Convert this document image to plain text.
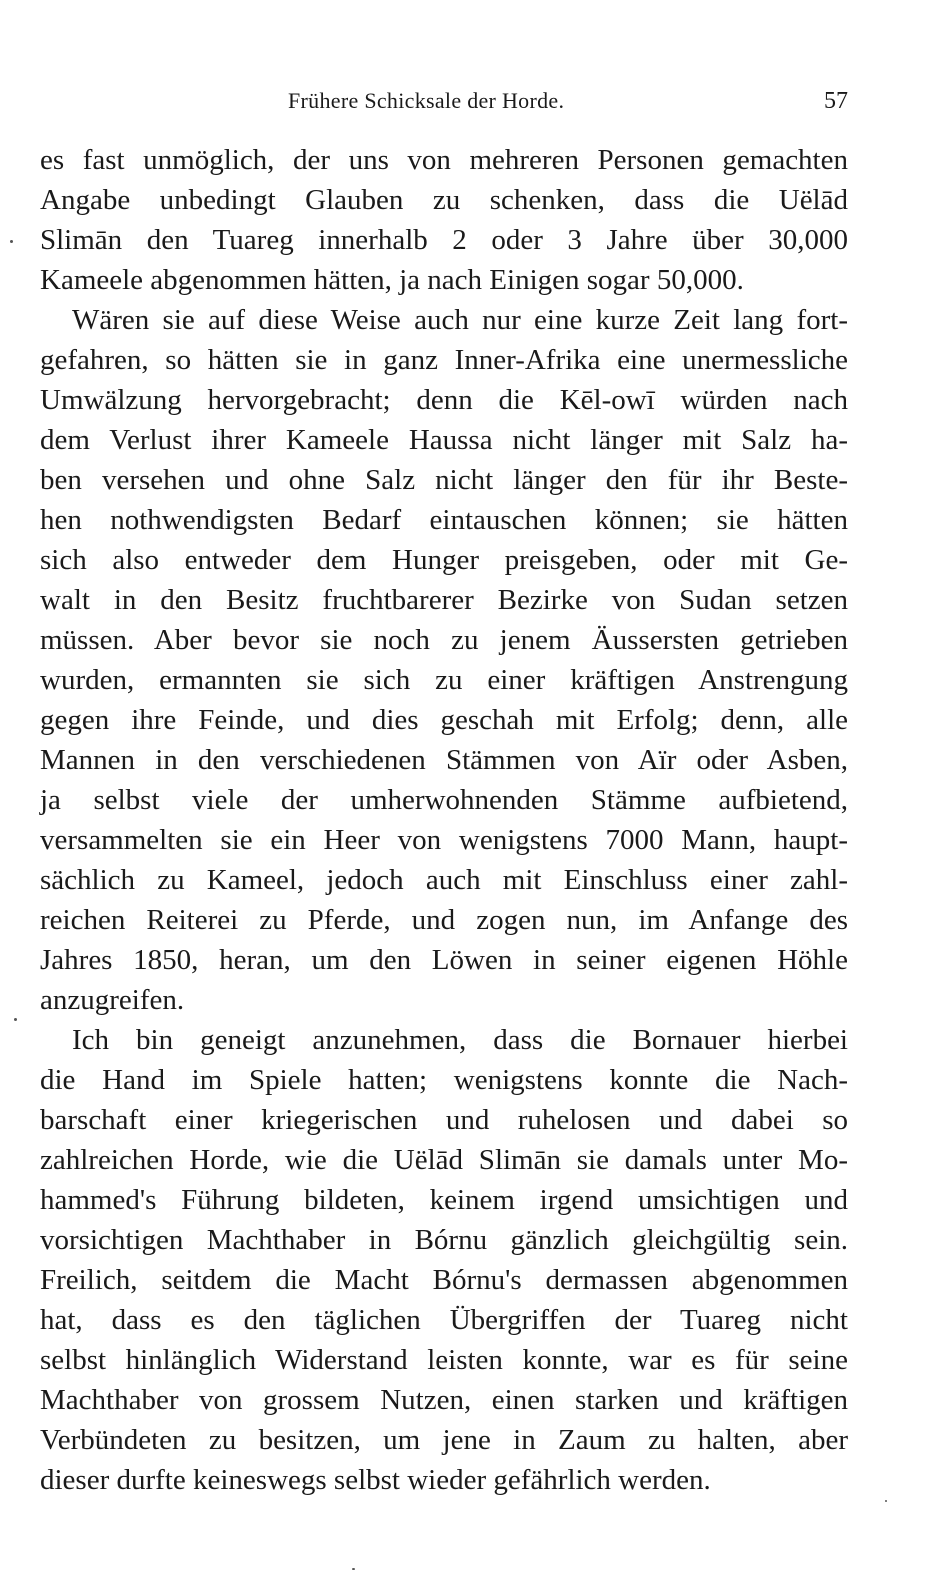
Frühere Schicksale der Horde.	57
es fast unmöglich, der uns von mehreren Personen gemachten
Angabe unbedingt Glauben zu schenken, dass die Uëlād
Slimān den Tuareg innerhalb 2 oder 3 Jahre über 30,000
Kameele abgenommen hätten, ja nach Einigen sogar 50,000.
Wären sie auf diese Weise auch nur eine kurze Zeit lang fort-
gefahren, so hätten sie in ganz Inner-Afrika eine unermessliche
Umwälzung hervorgebracht; denn die Kēl-owī würden nach
dem Verlust ihrer Kameele Haussa nicht länger mit Salz ha-
ben versehen und ohne Salz nicht länger den für ihr Beste-
hen nothwendigsten Bedarf eintauschen können; sie hätten
sich also entweder dem Hunger preisgeben, oder mit Ge-
walt in den Besitz fruchtbarerer Bezirke von Sudan setzen
müssen. Aber bevor sie noch zu jenem Äussersten getrieben
wurden, ermannten sie sich zu einer kräftigen Anstrengung
gegen ihre Feinde, und dies geschah mit Erfolg; denn, alle
Mannen in den verschiedenen Stämmen von Aïr oder Asben,
ja selbst viele der umherwohnenden Stämme aufbietend,
versammelten sie ein Heer von wenigstens 7000 Mann, haupt-
sächlich zu Kameel, jedoch auch mit Einschluss einer zahl-
reichen Reiterei zu Pferde, und zogen nun, im Anfange des
Jahres 1850, heran, um den Löwen in seiner eigenen Höhle
anzugreifen.
Ich bin geneigt anzunehmen, dass die Bornauer hierbei
die Hand im Spiele hatten; wenigstens konnte die Nach-
barschaft einer kriegerischen und ruhelosen und dabei so
zahlreichen Horde, wie die Uëlād Slimān sie damals unter Mo-
hammed's Führung bildeten, keinem irgend umsichtigen und
vorsichtigen Machthaber in Bórnu gänzlich gleichgültig sein.
Freilich, seitdem die Macht Bórnu's dermassen abgenommen
hat, dass es den täglichen Übergriffen der Tuareg nicht
selbst hinlänglich Widerstand leisten konnte, war es für seine
Machthaber von grossem Nutzen, einen starken und kräftigen
Verbündeten zu besitzen, um jene in Zaum zu halten, aber
dieser durfte keineswegs selbst wieder gefährlich werden.
